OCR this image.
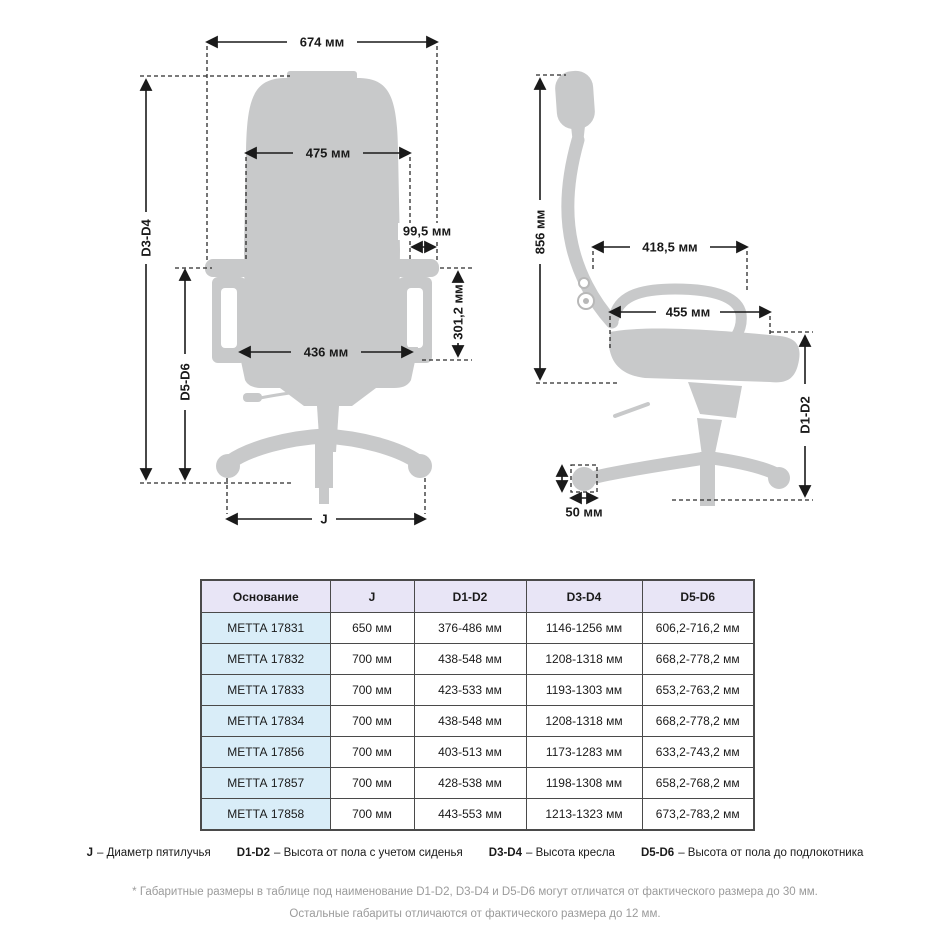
674 мм
475 мм
99,5 мм
436 мм
301,2 мм
D3-D4
D5-D6
J
856 мм	418,5 мм
455 мм
D1-D2
50 мм
Основание	J	D1-D2	D3-D4	D5-D6
МЕТТА 17831	650 мм	376-486 мм	1146-1256 мм	606,2-716,2 мм
МЕТТА 17832	700 мм	438-548 мм	1208-1318 мм	668,2-778,2 мм
МЕТТА 17833	700 мм	423-533 мм	1193-1303 мм	653,2-763,2 мм
МЕТТА 17834	700 мм	438-548 мм	1208-1318 мм	668,2-778,2 мм
МЕТТА 17856	700 мм	403-513 мм	1173-1283 мм	633,2-743,2 мм
МЕТТА 17857	700 мм	428-538 мм	1198-1308 мм	658,2-768,2 мм
МЕТТА 17858	700 мм	443-553 мм	1213-1323 мм	673,2-783,2 мм
J – Диаметр пятилучья D1-D2 – Высота от пола с учетом сиденья D3-D4 – Высота кресла D5-D6 – Высота от пола до подлокотника
* Габаритные размеры в таблице под наименование D1-D2, D3-D4 и D5-D6 могут отличатся от фактического размера до 30 мм.
Остальные габариты отличаются от фактического размера до 12 мм.
